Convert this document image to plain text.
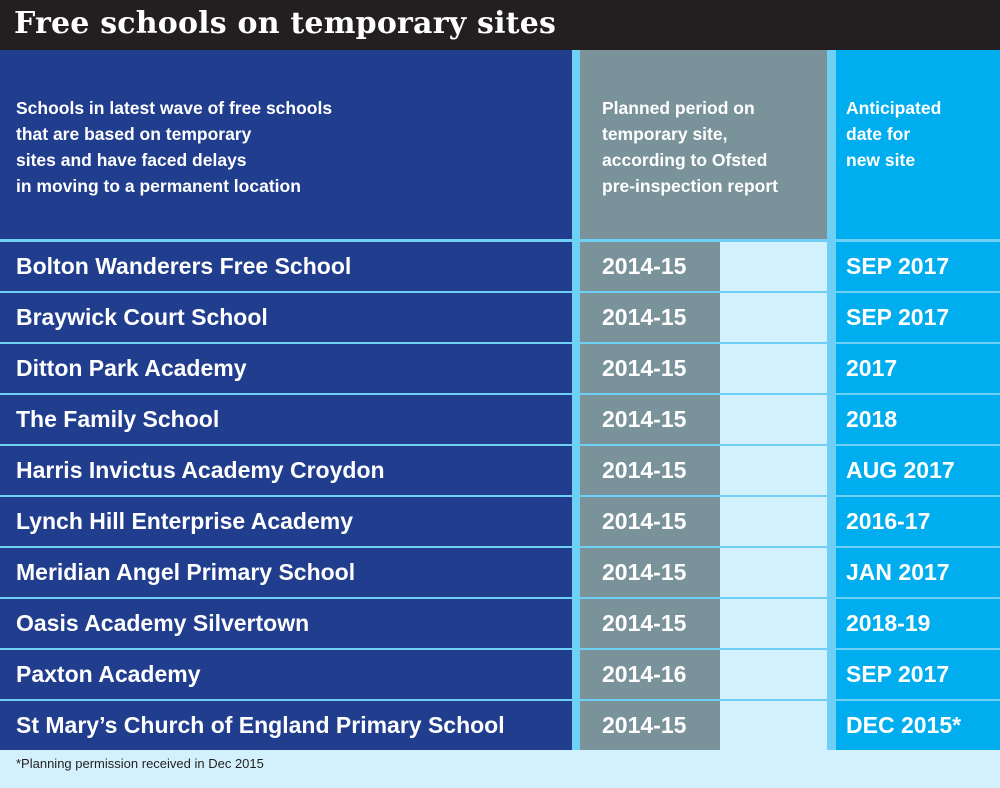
Free schools on temporary sites
Schools in latest wave of free schools
that are based on temporary
sites and have faced delays
in moving to a permanent location
Planned period on
temporary site,
according to Ofsted
pre-inspection report
Anticipated
date for
new site
Bolton Wanderers Free School	2014-15	SEP 2017
Braywick Court School	2014-15	SEP 2017
Ditton Park Academy	2014-15	2017
The Family School	2014-15	2018
Harris Invictus Academy Croydon	2014-15	AUG 2017
Lynch Hill Enterprise Academy	2014-15	2016-17
Meridian Angel Primary School	2014-15	JAN 2017
Oasis Academy Silvertown	2014-15	2018-19
Paxton Academy	2014-16	SEP 2017
St Mary’s Church of England Primary School	2014-15	DEC 2015*
*Planning permission received in Dec 2015
